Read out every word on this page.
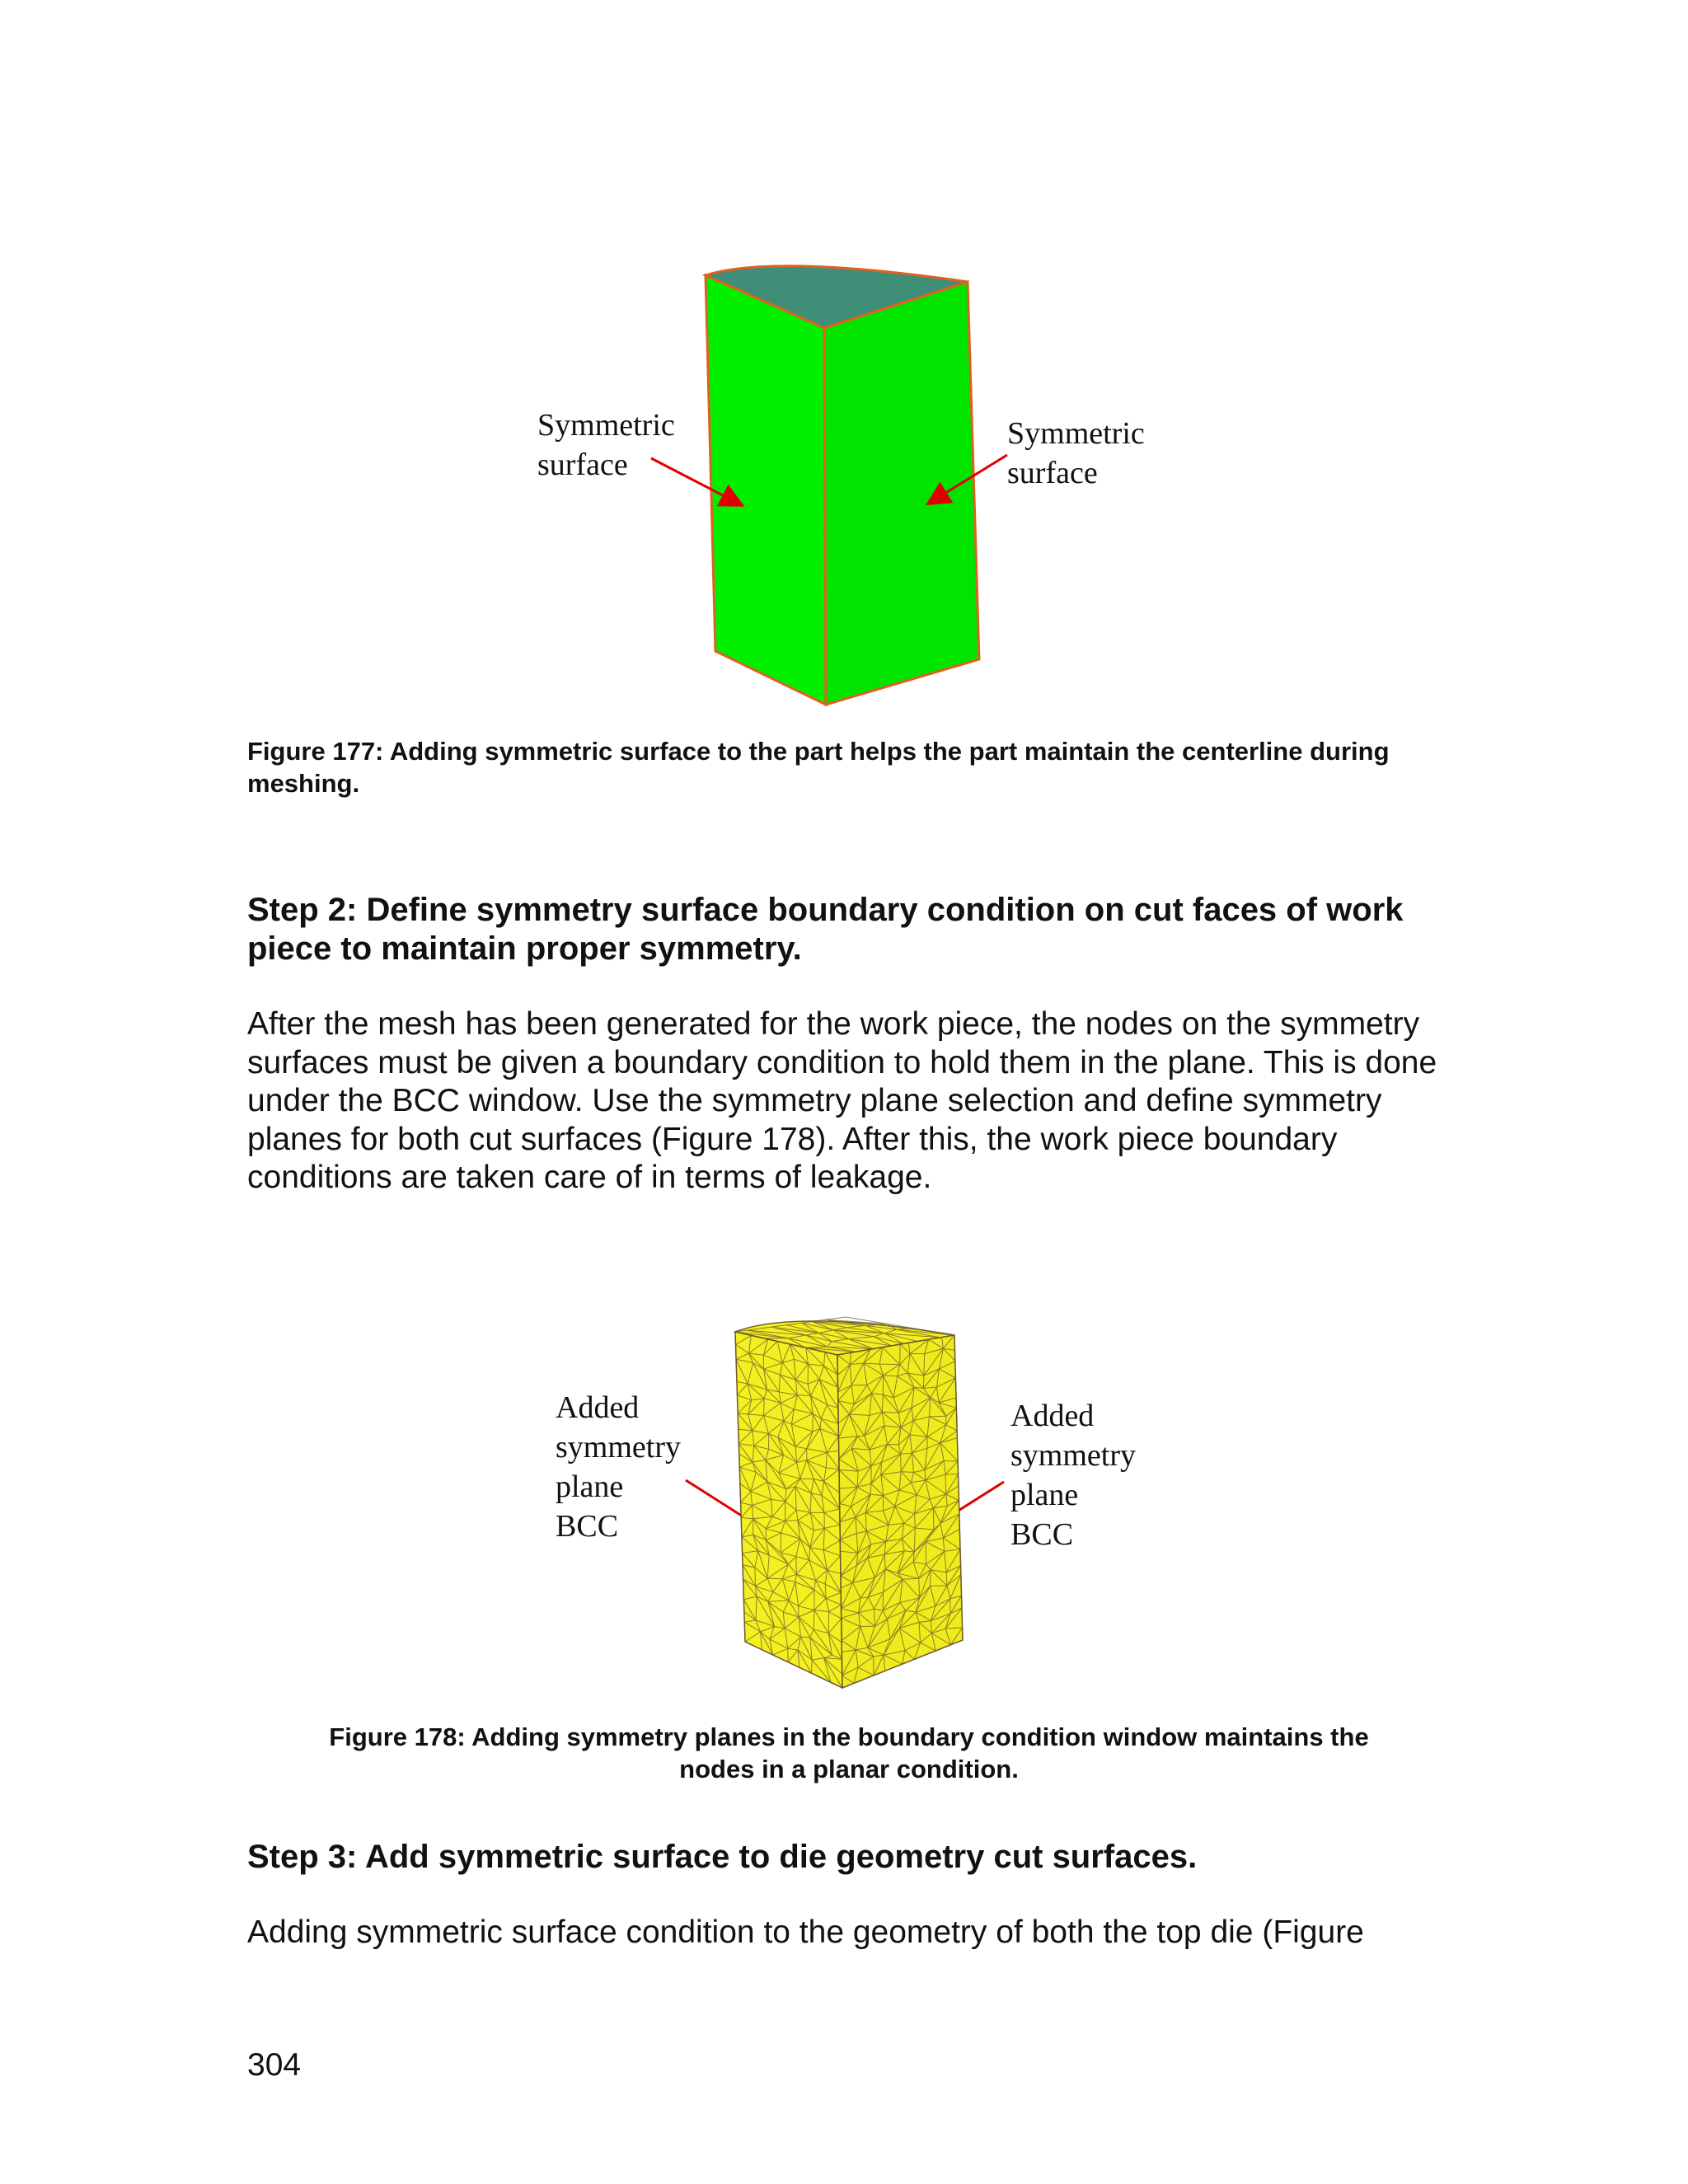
Symmetric
surface
Symmetric
surface
Figure 177: Adding symmetric surface to the part helps the part maintain the centerline during meshing.
Step 2: Define symmetry surface boundary condition on cut faces of work piece to maintain proper symmetry.
After the mesh has been generated for the work piece, the nodes on the symmetry surfaces must be given a boundary condition to hold them in the plane. This is done under the BCC window. Use the symmetry plane selection and define symmetry planes for both cut surfaces (Figure 178). After this, the work piece boundary conditions are taken care of in terms of leakage.
Added
symmetry
plane
BCC
Added
symmetry
plane
BCC
Figure 178: Adding symmetry planes in the boundary condition window maintains the
nodes in a planar condition.
Step 3: Add symmetric surface to die geometry cut surfaces.
Adding symmetric surface condition to the geometry of both the top die (Figure
304
